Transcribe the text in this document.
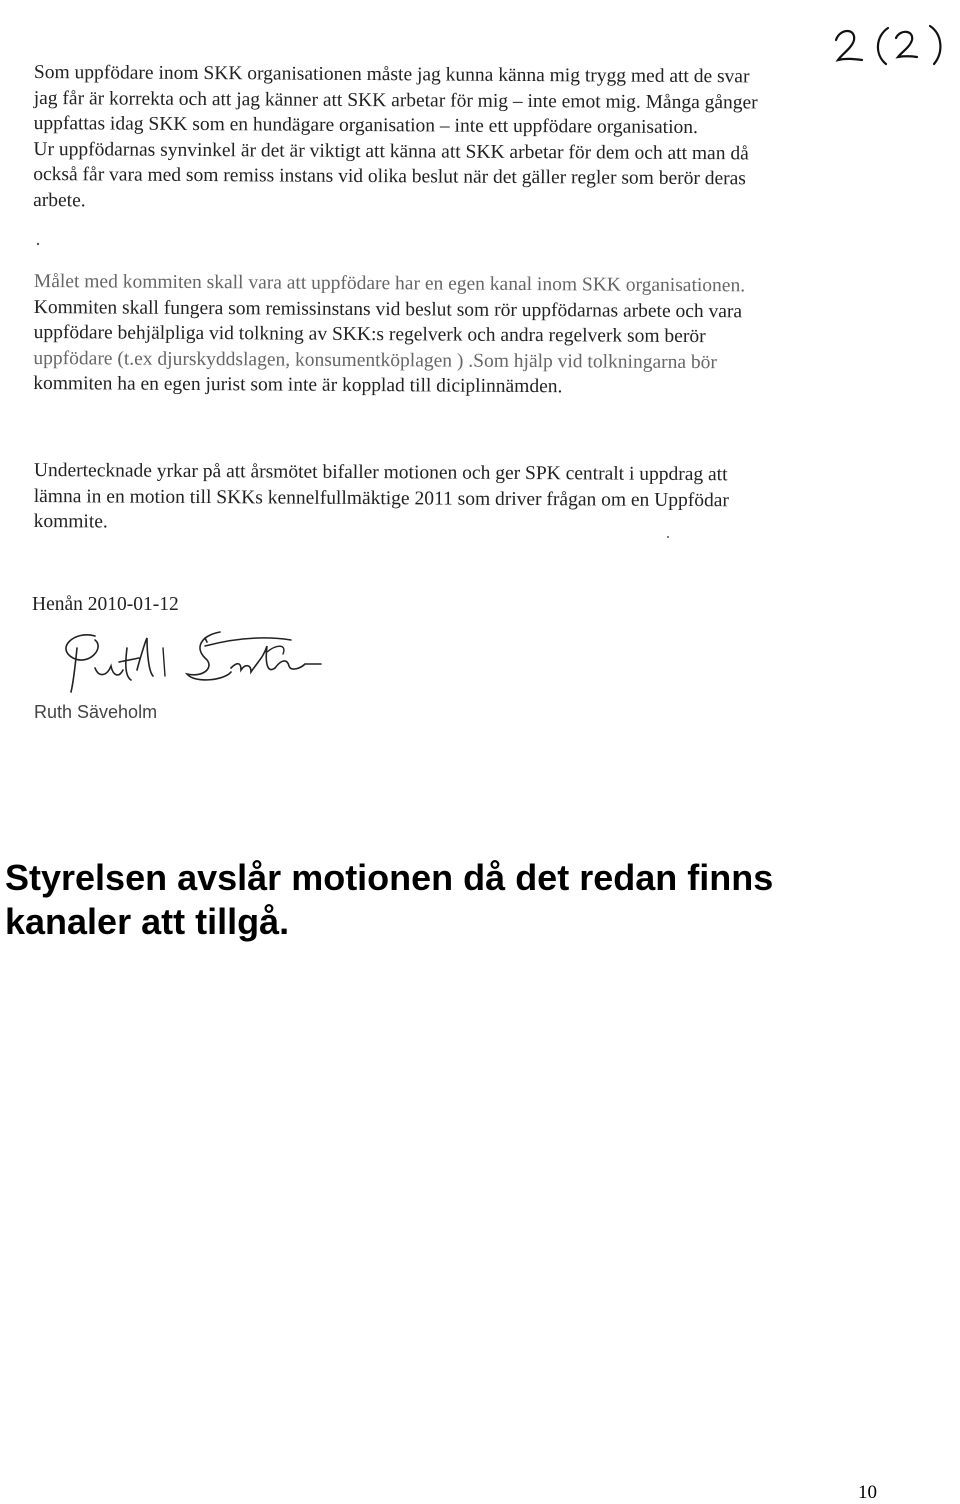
Som uppfödare inom SKK organisationen måste jag kunna känna mig trygg med att de svar
jag får är korrekta och att jag känner att SKK arbetar för mig – inte emot mig. Många gånger
uppfattas idag SKK som en hundägare organisation – inte ett uppfödare organisation.
Ur uppfödarnas synvinkel är det är viktigt att känna att SKK arbetar för dem och att man då
också får vara med som remiss instans vid olika beslut när det gäller regler som berör deras
arbete.
Målet med kommiten skall vara att uppfödare har en egen kanal inom SKK organisationen.
Kommiten skall fungera som remissinstans vid beslut som rör uppfödarnas arbete och vara
uppfödare behjälpliga vid tolkning av SKK:s regelverk och andra regelverk som berör
uppfödare (t.ex djurskyddslagen, konsumentköplagen ) .Som hjälp vid tolkningarna bör
kommiten ha en egen jurist som inte är kopplad till diciplinnämden.
Undertecknade yrkar på att årsmötet bifaller motionen och ger SPK centralt i uppdrag att
lämna in en motion till SKKs kennelfullmäktige 2011 som driver frågan om en Uppfödar
kommite.
Henån 2010-01-12
Ruth Säveholm

Styrelsen avslår motionen då det redan finns kanaler att tillgå.

10
